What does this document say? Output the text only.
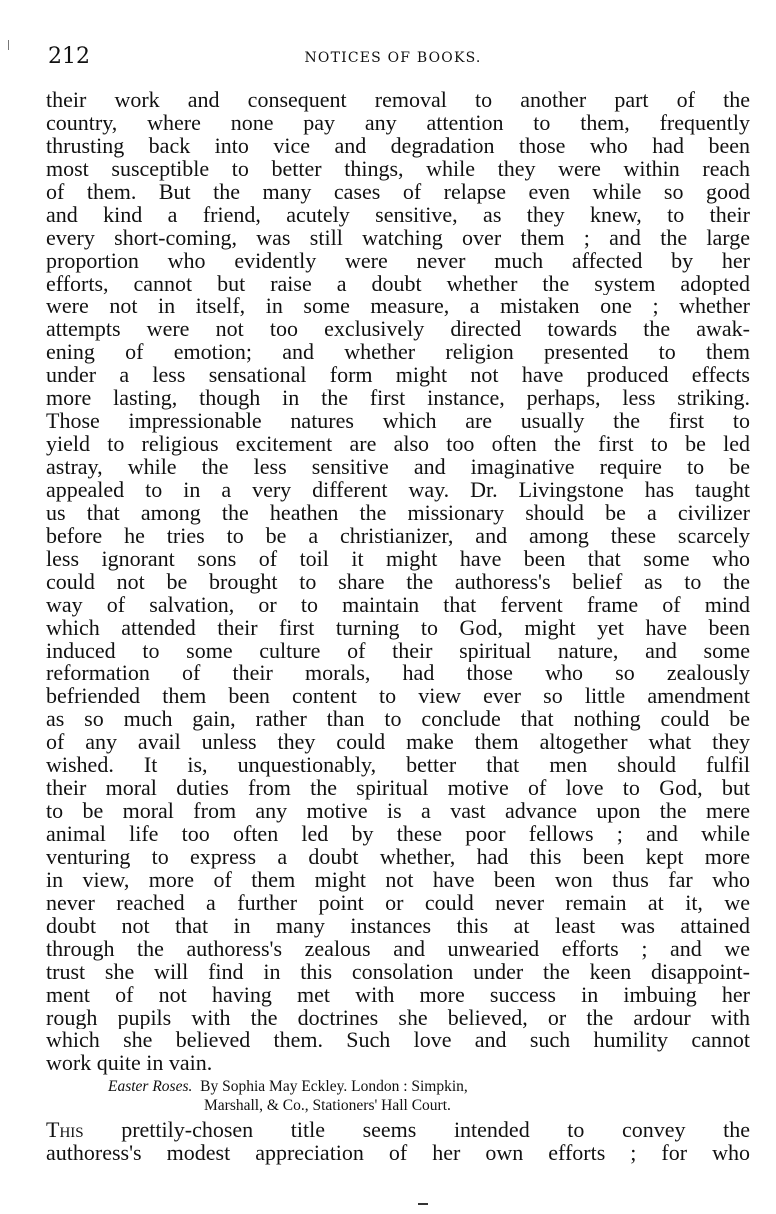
212	NOTICES OF BOOKS.
their work and consequent removal to another part of the
country, where none pay any attention to them, frequently
thrusting back into vice and degradation those who had been
most susceptible to better things, while they were within reach
of them. But the many cases of relapse even while so good
and kind a friend, acutely sensitive, as they knew, to their
every short-coming, was still watching over them ; and the large
proportion who evidently were never much affected by her
efforts, cannot but raise a doubt whether the system adopted
were not in itself, in some measure, a mistaken one ; whether
attempts were not too exclusively directed towards the awak-
ening of emotion; and whether religion presented to them
under a less sensational form might not have produced effects
more lasting, though in the first instance, perhaps, less striking.
Those impressionable natures which are usually the first to
yield to religious excitement are also too often the first to be led
astray, while the less sensitive and imaginative require to be
appealed to in a very different way. Dr. Livingstone has taught
us that among the heathen the missionary should be a civilizer
before he tries to be a christianizer, and among these scarcely
less ignorant sons of toil it might have been that some who
could not be brought to share the authoress's belief as to the
way of salvation, or to maintain that fervent frame of mind
which attended their first turning to God, might yet have been
induced to some culture of their spiritual nature, and some
reformation of their morals, had those who so zealously
befriended them been content to view ever so little amendment
as so much gain, rather than to conclude that nothing could be
of any avail unless they could make them altogether what they
wished. It is, unquestionably, better that men should fulfil
their moral duties from the spiritual motive of love to God, but
to be moral from any motive is a vast advance upon the mere
animal life too often led by these poor fellows ; and while
venturing to express a doubt whether, had this been kept more
in view, more of them might not have been won thus far who
never reached a further point or could never remain at it, we
doubt not that in many instances this at least was attained
through the authoress's zealous and unwearied efforts ; and we
trust she will find in this consolation under the keen disappoint-
ment of not having met with more success in imbuing her
rough pupils with the doctrines she believed, or the ardour with
which she believed them. Such love and such humility cannot
work quite in vain.
Easter Roses. By Sophia May Eckley. London : Simpkin,
Marshall, & Co., Stationers' Hall Court.
This prettily-chosen title seems intended to convey the
authoress's modest appreciation of her own efforts ; for who
